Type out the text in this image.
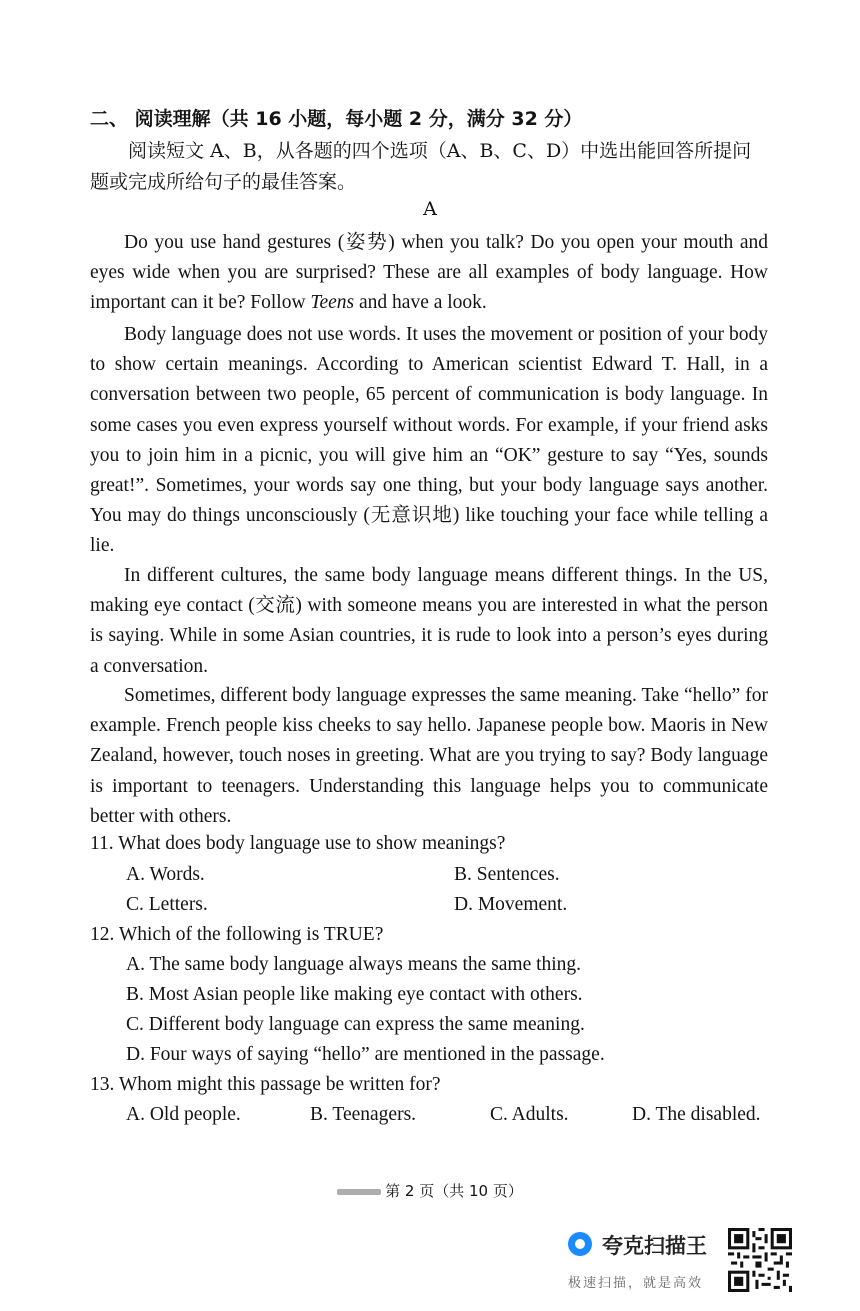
二、 阅读理解（共 16 小题，每小题 2 分，满分 32 分）
阅读短文 A、B，从各题的四个选项（A、B、C、D）中选出能回答所提问题或完成所给句子的最佳答案。
A

Do you use hand gestures (姿势) when you talk? Do you open your mouth and eyes wide when you are surprised? These are all examples of body language. How important can it be? Follow Teens and have a look.

Body language does not use words. It uses the movement or position of your body to show certain meanings. According to American scientist Edward T. Hall, in a conversation between two people, 65 percent of communication is body language. In some cases you even express yourself without words. For example, if your friend asks you to join him in a picnic, you will give him an “OK” gesture to say “Yes, sounds great!”. Sometimes, your words say one thing, but your body language says another. You may do things unconsciously (无意识地) like touching your face while telling a lie.

In different cultures, the same body language means different things. In the US, making eye contact (交流) with someone means you are interested in what the person is saying. While in some Asian countries, it is rude to look into a person’s eyes during a conversation.

Sometimes, different body language expresses the same meaning. Take “hello” for example. French people kiss cheeks to say hello. Japanese people bow. Maoris in New Zealand, however, touch noses in greeting. What are you trying to say? Body language is important to teenagers. Understanding this language helps you to communicate better with others.

11. What does body language use to show meanings?
A. Words.	B. Sentences.
C. Letters.	D. Movement.
12. Which of the following is TRUE?
A. The same body language always means the same thing.
B. Most Asian people like making eye contact with others.
C. Different body language can express the same meaning.
D. Four ways of saying “hello” are mentioned in the passage.
13. Whom might this passage be written for?
A. Old people.	B. Teenagers.	C. Adults.	D. The disabled.
第 2 页（共 10 页）
夸克扫描王
极速扫描，就是高效
